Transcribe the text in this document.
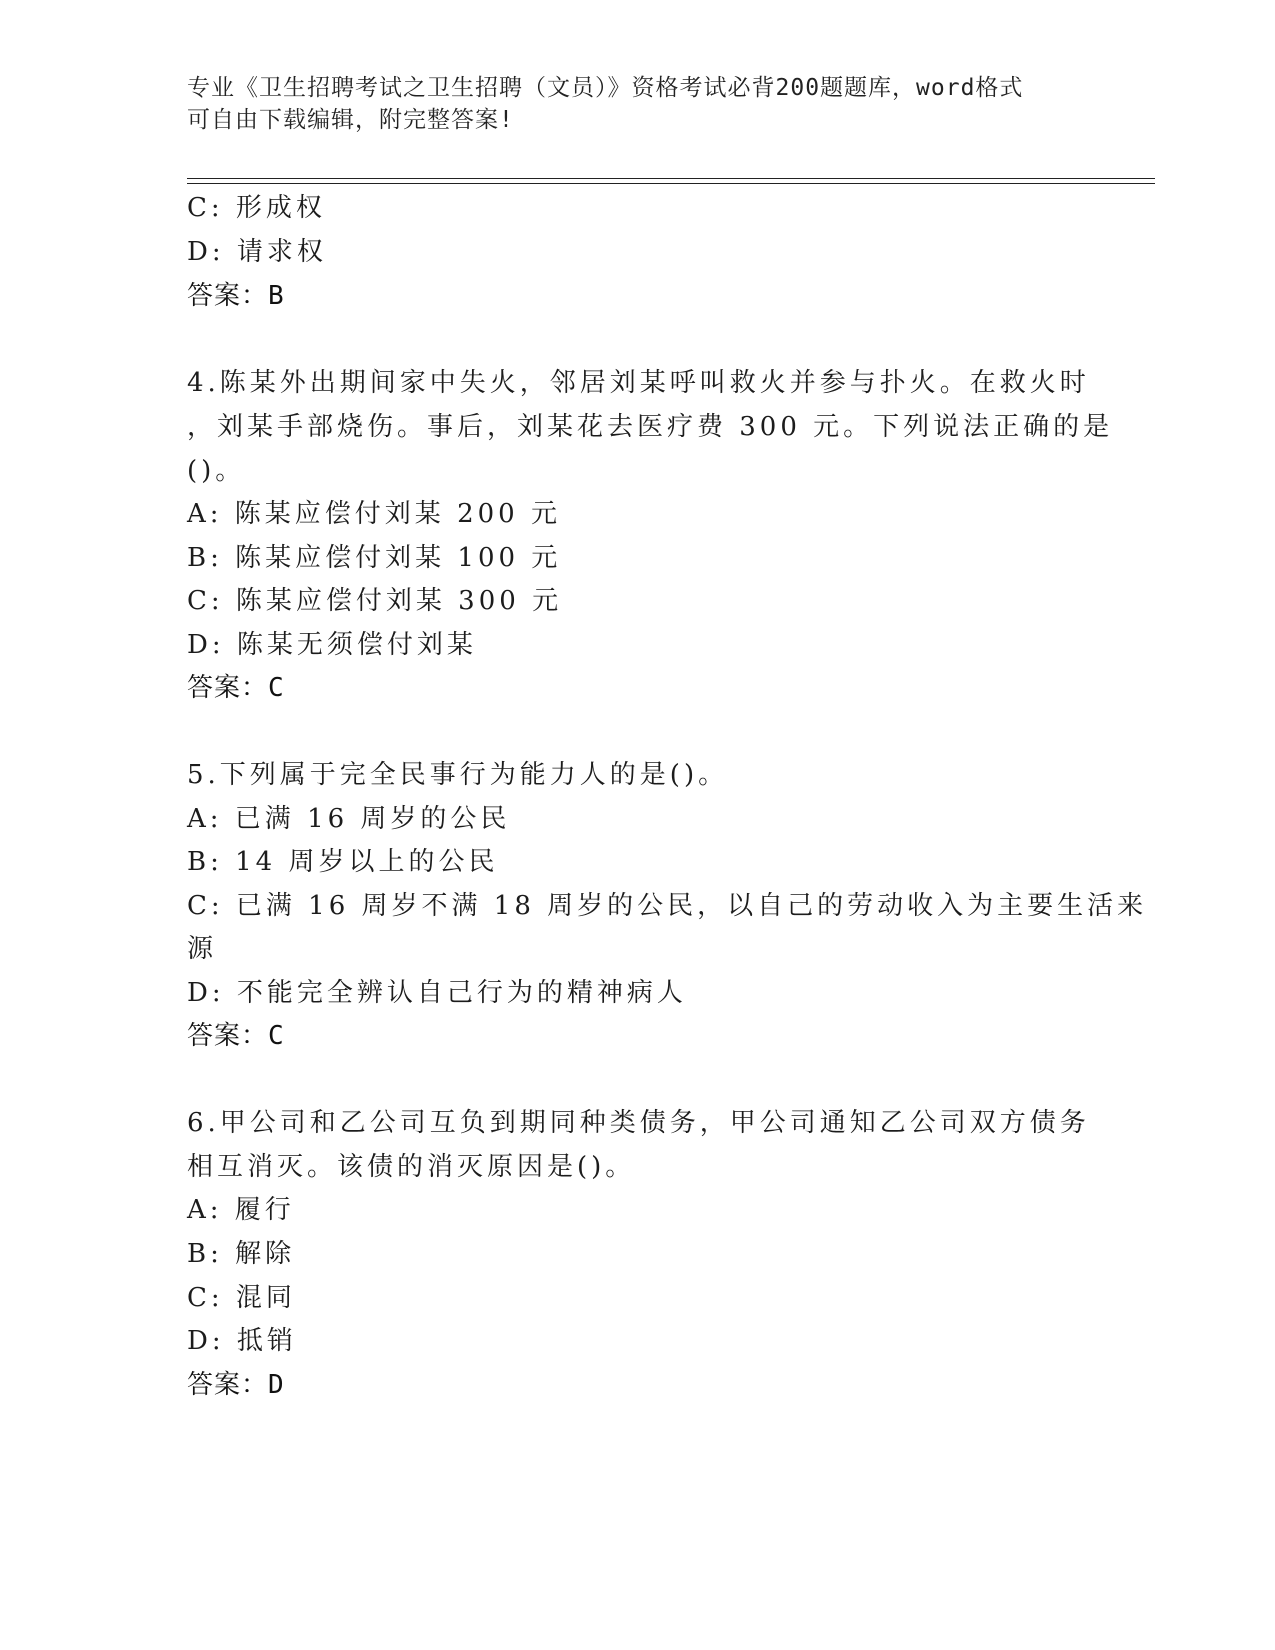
专业《卫生招聘考试之卫生招聘（文员）》资格考试必背200题题库，word格式
可自由下载编辑，附完整答案!
C: 形成权
D: 请求权
答案：B
4.陈某外出期间家中失火，邻居刘某呼叫救火并参与扑火。在救火时
，刘某手部烧伤。事后，刘某花去医疗费 300 元。下列说法正确的是
()。
A: 陈某应偿付刘某 200 元
B: 陈某应偿付刘某 100 元
C: 陈某应偿付刘某 300 元
D: 陈某无须偿付刘某
答案：C
5.下列属于完全民事行为能力人的是()。
A: 已满 16 周岁的公民
B: 14 周岁以上的公民
C: 已满 16 周岁不满 18 周岁的公民，以自己的劳动收入为主要生活来
源
D: 不能完全辨认自己行为的精神病人
答案：C
6.甲公司和乙公司互负到期同种类债务，甲公司通知乙公司双方债务
相互消灭。该债的消灭原因是()。
A: 履行
B: 解除
C: 混同
D: 抵销
答案：D
